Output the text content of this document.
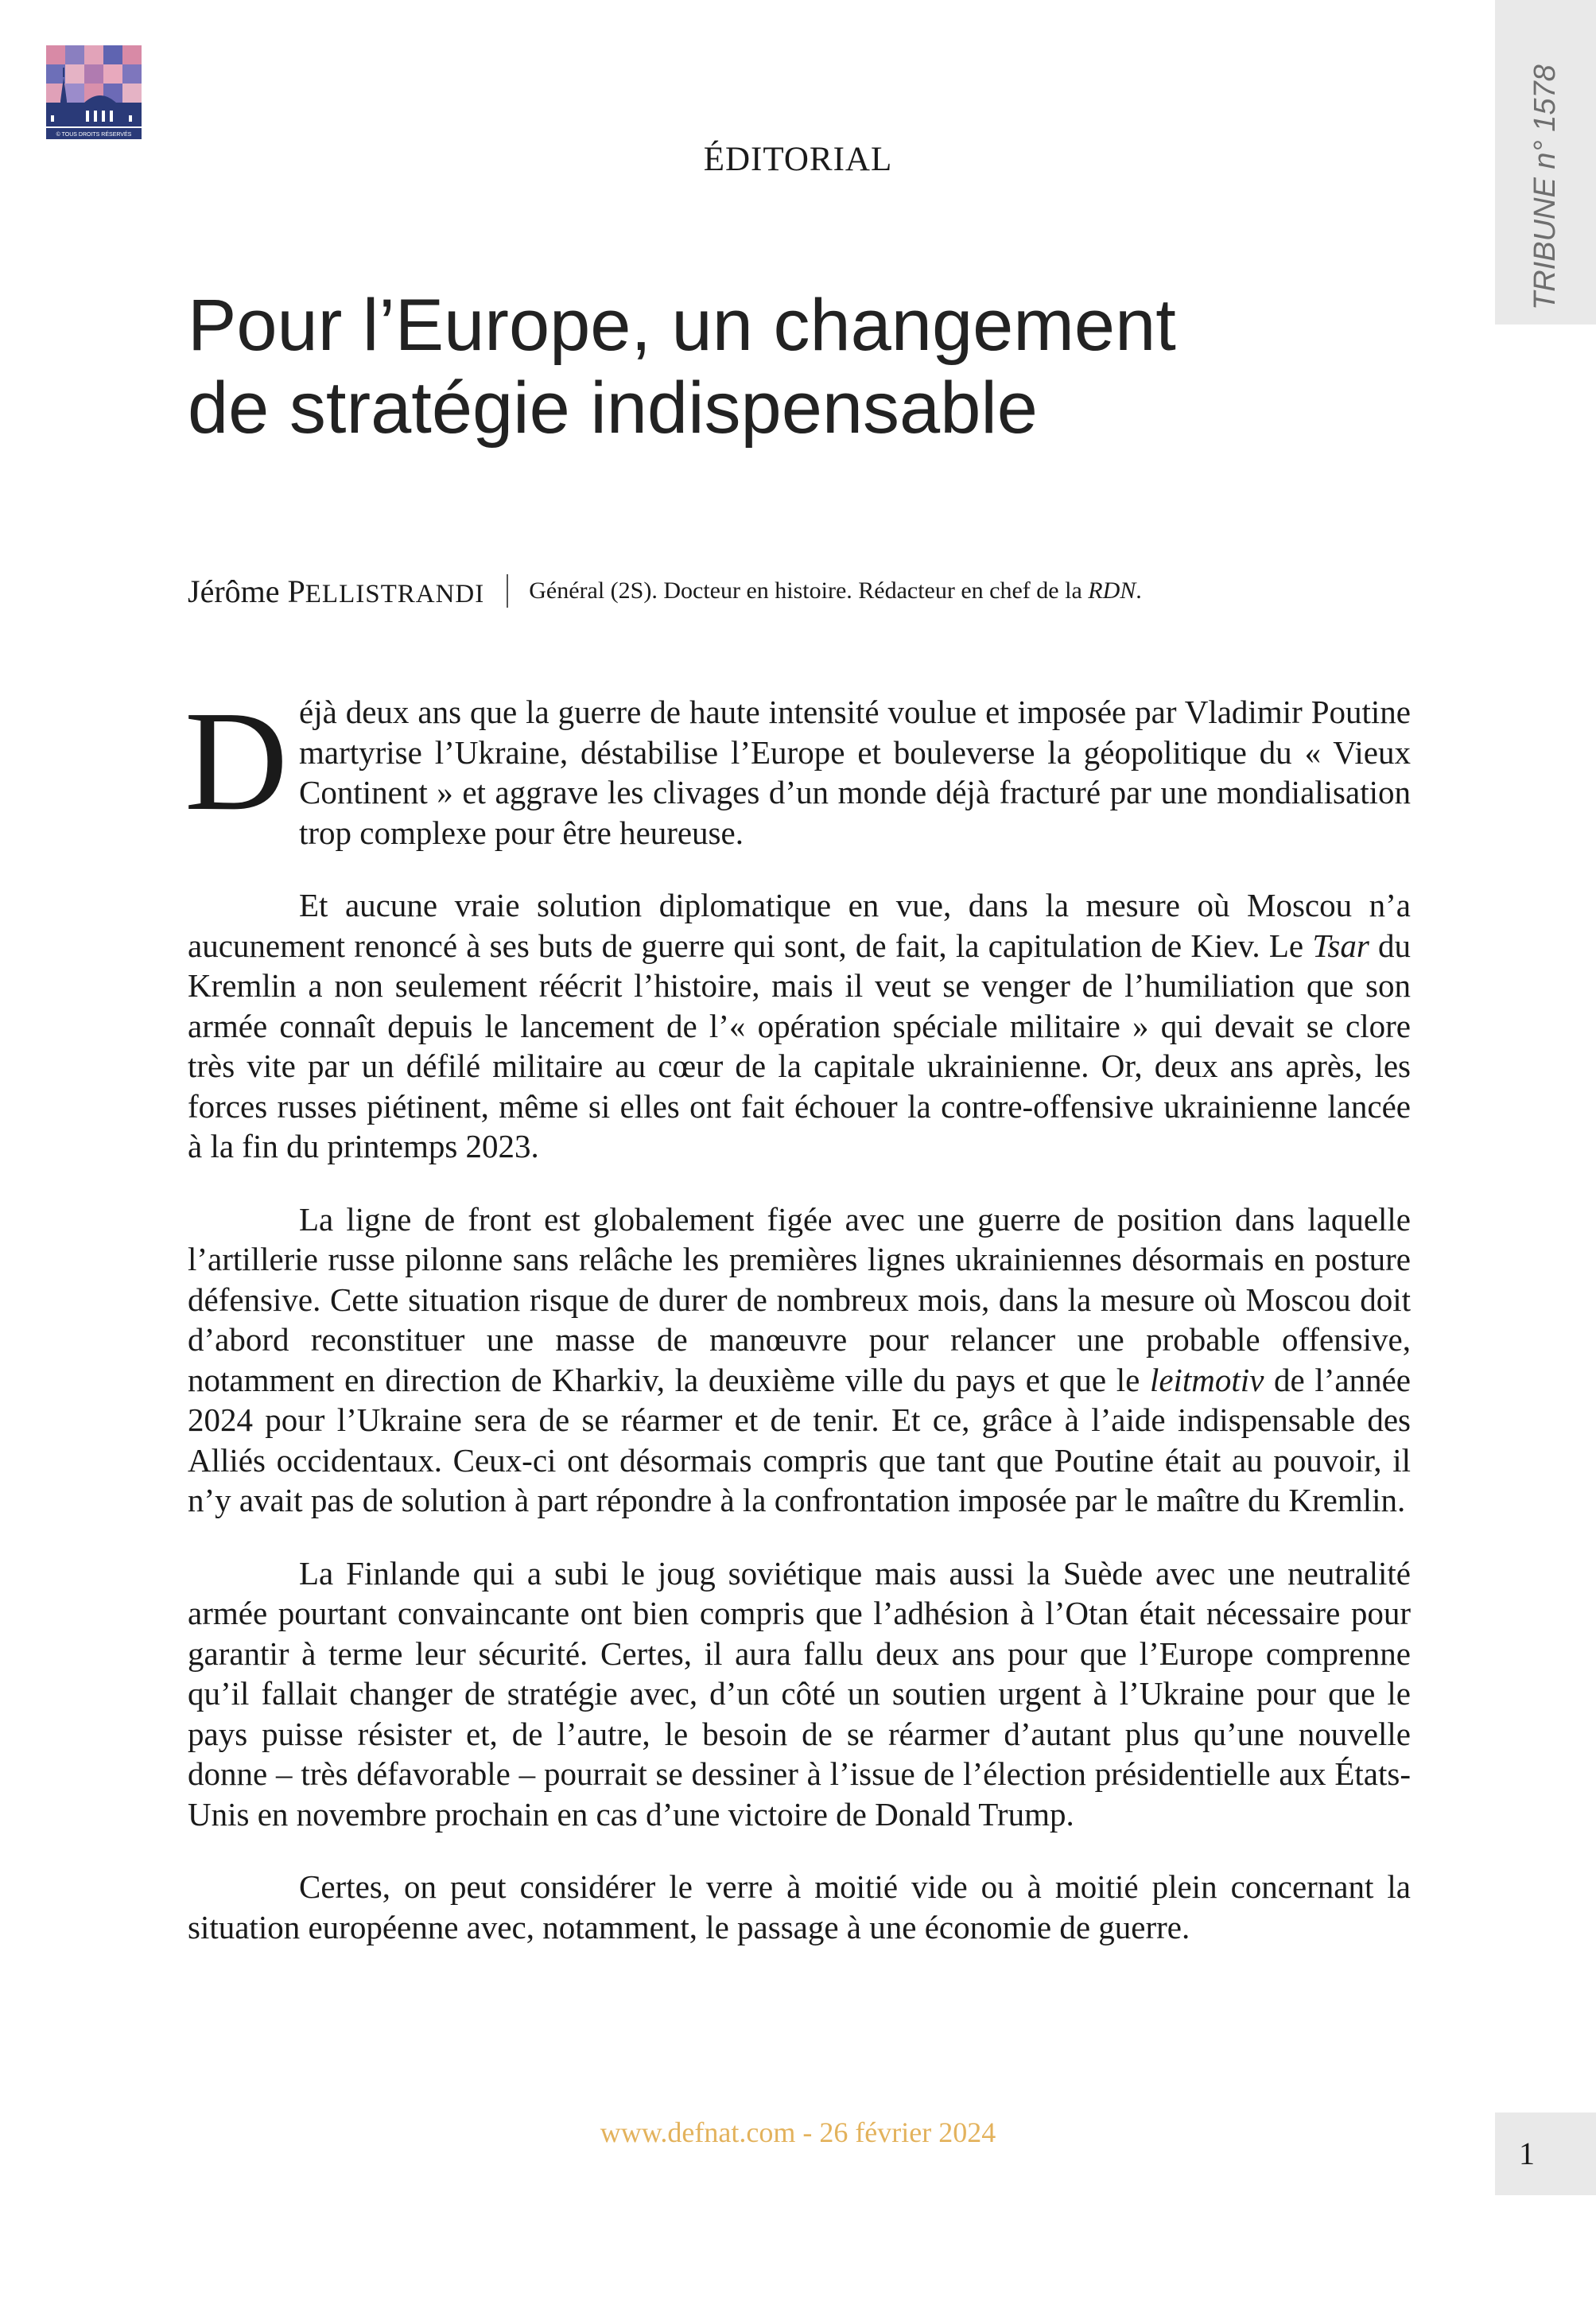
© TOUS DROITS RÉSERVÉS	TRIBUNE n° 1578
ÉDITORIAL
Pour l’Europe, un changement
de stratégie indispensable
Jérôme PELLISTRANDI Général (2S). Docteur en histoire. Rédacteur en chef de la RDN.

Déjà deux ans que la guerre de haute intensité voulue et imposée par Vladimir Poutine martyrise l’Ukraine, déstabilise l’Europe et bouleverse la géopolitique du « Vieux Continent » et aggrave les clivages d’un monde déjà fracturé par une mondialisation trop complexe pour être heureuse.

Et aucune vraie solution diplomatique en vue, dans la mesure où Moscou n’a aucunement renoncé à ses buts de guerre qui sont, de fait, la capitulation de Kiev. Le Tsar du Kremlin a non seulement réécrit l’histoire, mais il veut se venger de l’humiliation que son armée connaît depuis le lancement de l’« opération spéciale militaire » qui devait se clore très vite par un défilé militaire au cœur de la capitale ukrainienne. Or, deux ans après, les forces russes piétinent, même si elles ont fait échouer la contre-offensive ukrainienne lancée à la fin du printemps 2023.

La ligne de front est globalement figée avec une guerre de position dans laquelle l’artillerie russe pilonne sans relâche les premières lignes ukrainiennes désormais en posture défensive. Cette situation risque de durer de nombreux mois, dans la mesure où Moscou doit d’abord reconstituer une masse de manœuvre pour relancer une probable offensive, notamment en direction de Kharkiv, la deuxième ville du pays et que le leitmotiv de l’année 2024 pour l’Ukraine sera de se réarmer et de tenir. Et ce, grâce à l’aide indispensable des Alliés occidentaux. Ceux-ci ont désormais compris que tant que Poutine était au pouvoir, il n’y avait pas de solution à part répondre à la confrontation imposée par le maître du Kremlin.

La Finlande qui a subi le joug soviétique mais aussi la Suède avec une neutralité armée pourtant convaincante ont bien compris que l’adhésion à l’Otan était nécessaire pour garantir à terme leur sécurité. Certes, il aura fallu deux ans pour que l’Europe comprenne qu’il fallait changer de stratégie avec, d’un côté un soutien urgent à l’Ukraine pour que le pays puisse résister et, de l’autre, le besoin de se réarmer d’autant plus qu’une nouvelle donne – très défavorable – pourrait se dessiner à l’issue de l’élection présidentielle aux États-Unis en novembre prochain en cas d’une victoire de Donald Trump.

Certes, on peut considérer le verre à moitié vide ou à moitié plein concernant la situation européenne avec, notamment, le passage à une économie de guerre.

www.defnat.com - 26 février 2024
1
